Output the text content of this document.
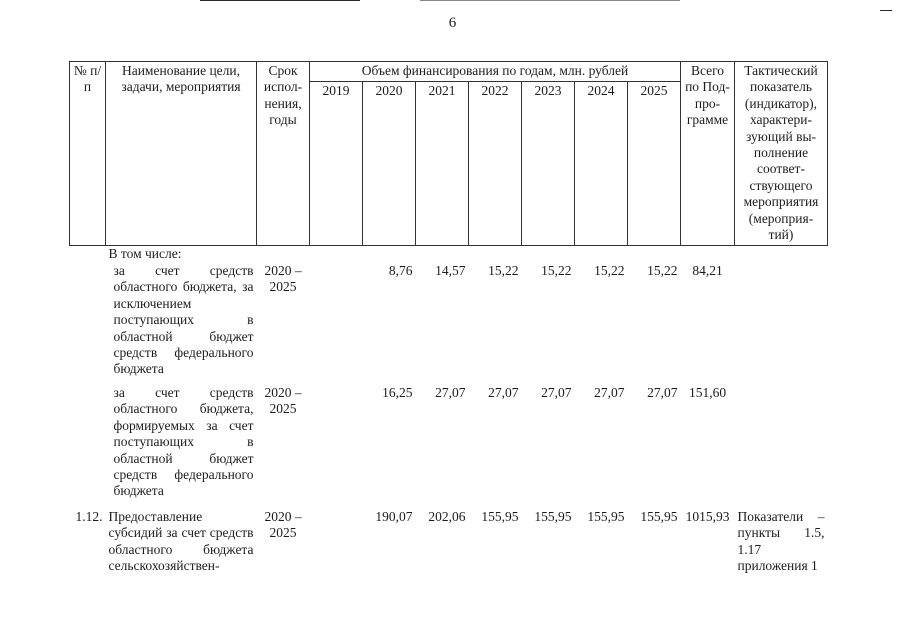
6
№ п/п	Наименование цели, задачи, мероприятия	Срок испол-нения, годы	Объем финансирования по годам, млн. рублей							Всего по Под-про-грамме	Тактический показатель (индикатор), характери-зующий вы-полнение соответ-ствующего мероприятия (мероприя-тий)
			2019	2020	2021	2022	2023	2024	2025		
	В том числе:										
	за счет средств областного бюджета, за исключением поступающих в областной бюджет средств федерального бюджета	2020 – 2025		8,76	14,57	15,22	15,22	15,22	15,22	84,21	
	за счет средств областного бюджета, формируемых за счет поступающих в областной бюджет средств федерального бюджета	2020 – 2025		16,25	27,07	27,07	27,07	27,07	27,07	151,60	
1.12.	Предоставление субсидий за счет средств областного бюджета сельскохозяйствен-	2020 – 2025		190,07	202,06	155,95	155,95	155,95	155,95	1015,93	Показатели – пункты 1.5, 1.17 приложения 1
